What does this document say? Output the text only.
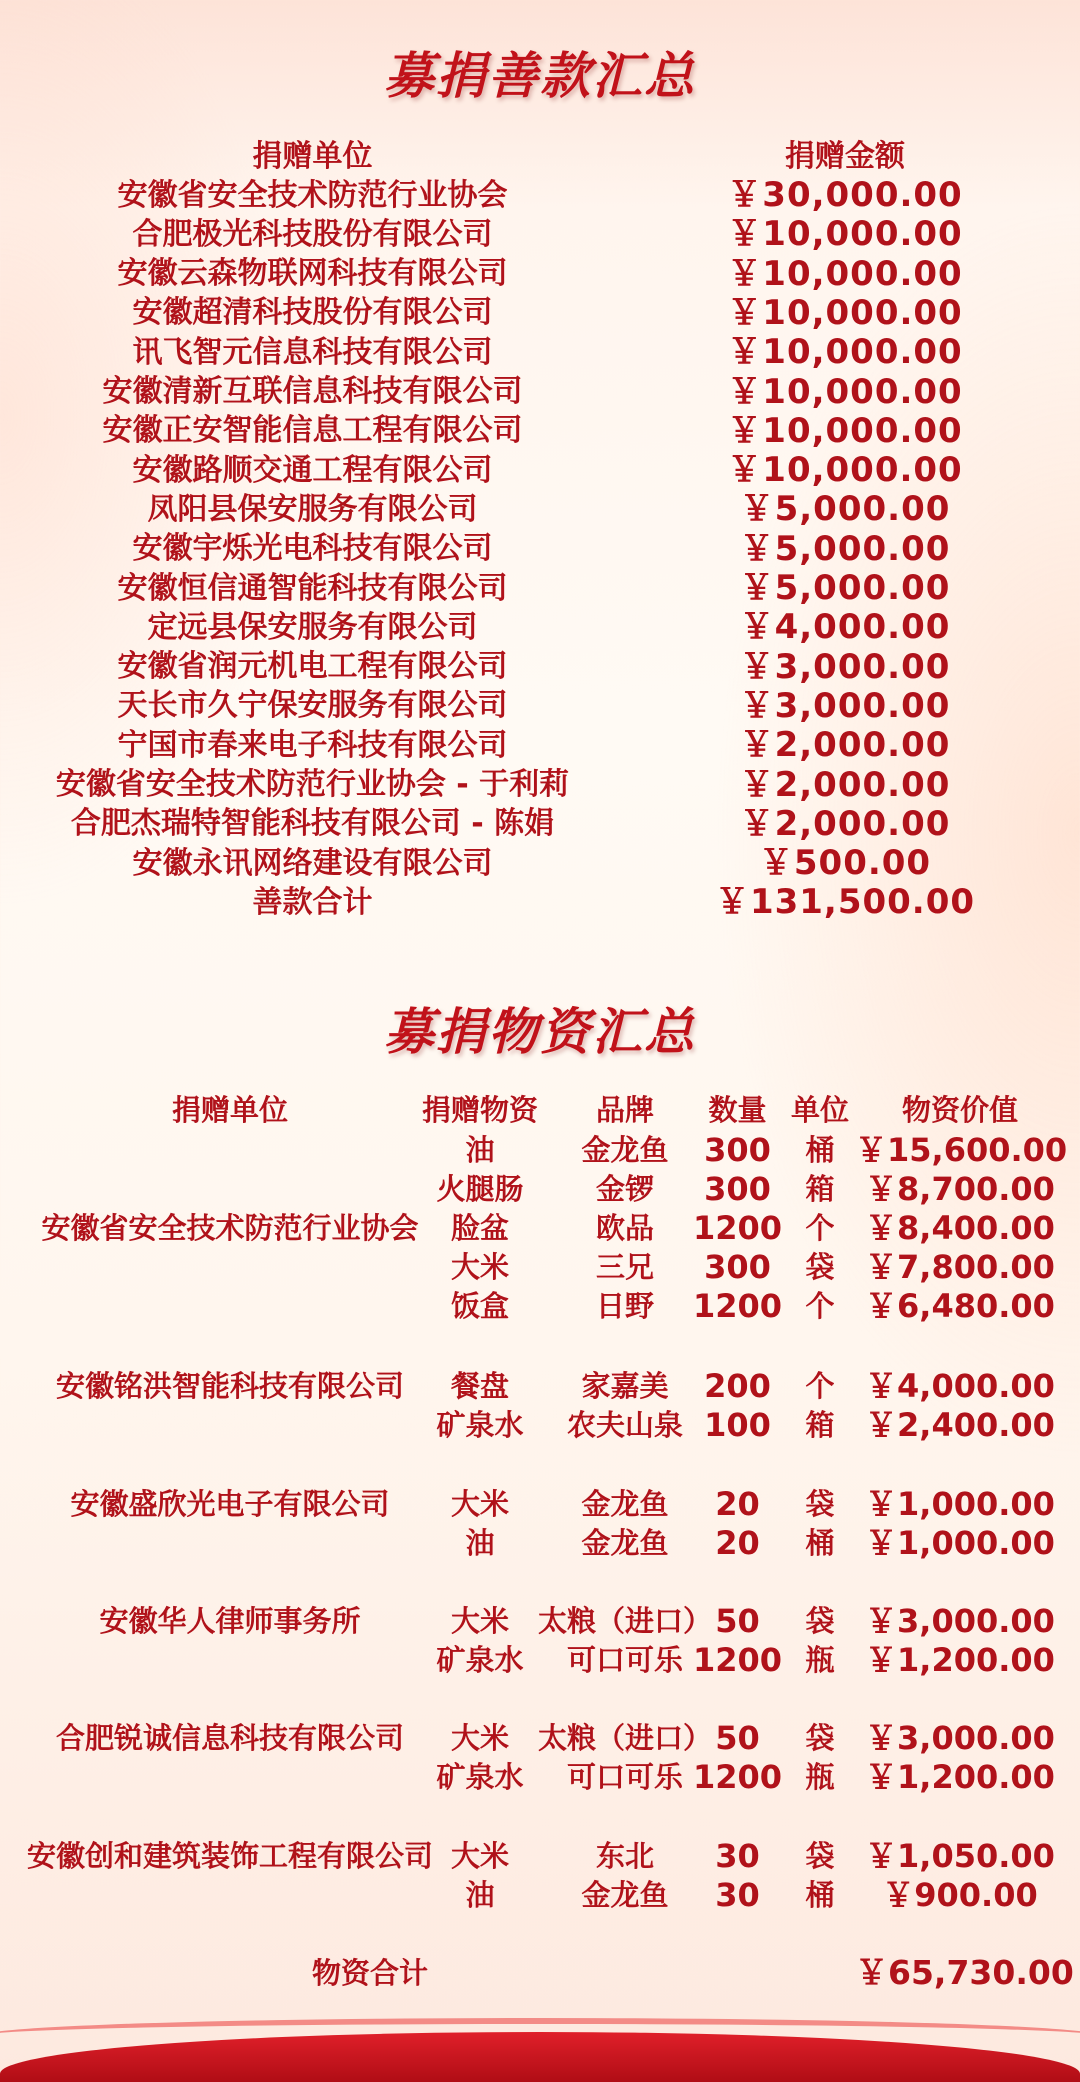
募捐善款汇总
捐赠单位	捐赠金额
安徽省安全技术防范行业协会	￥30,000.00
合肥极光科技股份有限公司	￥10,000.00
安徽云森物联网科技有限公司	￥10,000.00
安徽超清科技股份有限公司	￥10,000.00
讯飞智元信息科技有限公司	￥10,000.00
安徽清新互联信息科技有限公司	￥10,000.00
安徽正安智能信息工程有限公司	￥10,000.00
安徽路顺交通工程有限公司	￥10,000.00
凤阳县保安服务有限公司	￥5,000.00
安徽宇烁光电科技有限公司	￥5,000.00
安徽恒信通智能科技有限公司	￥5,000.00
定远县保安服务有限公司	￥4,000.00
安徽省润元机电工程有限公司	￥3,000.00
天长市久宁保安服务有限公司	￥3,000.00
宁国市春来电子科技有限公司	￥2,000.00
安徽省安全技术防范行业协会 - 于利莉	￥2,000.00
合肥杰瑞特智能科技有限公司 - 陈娟	￥2,000.00
安徽永讯网络建设有限公司	￥500.00
善款合计	￥131,500.00
募捐物资汇总
捐赠单位	捐赠物资	品牌	数量 单位	物资价值
安徽省安全技术防范行业协会
油	金龙鱼	300	桶 ￥15,600.00
火腿肠	金锣	300	箱 ￥8,700.00
脸盆	欧品	1200 个 ￥8,400.00
大米	三兄	300	袋 ￥7,800.00
饭盒	日野	1200 个 ￥6,480.00
安徽铭洪智能科技有限公司	餐盘	家嘉美	200	个 ￥4,000.00
矿泉水	农夫山泉 100	箱 ￥2,400.00
安徽盛欣光电子有限公司	大米	金龙鱼	20	袋 ￥1,000.00
油	金龙鱼	20	桶 ￥1,000.00
安徽华人律师事务所	大米 太粮（进口） 50	袋 ￥3,000.00
矿泉水	可口可乐 1200 瓶 ￥1,200.00
合肥锐诚信息科技有限公司	大米 太粮（进口） 50	袋 ￥3,000.00
矿泉水	可口可乐 1200 瓶 ￥1,200.00
安徽创和建筑装饰工程有限公司 大米	东北	30	袋 ￥1,050.00
油	金龙鱼	30	桶	￥900.00
物资合计	￥65,730.00
